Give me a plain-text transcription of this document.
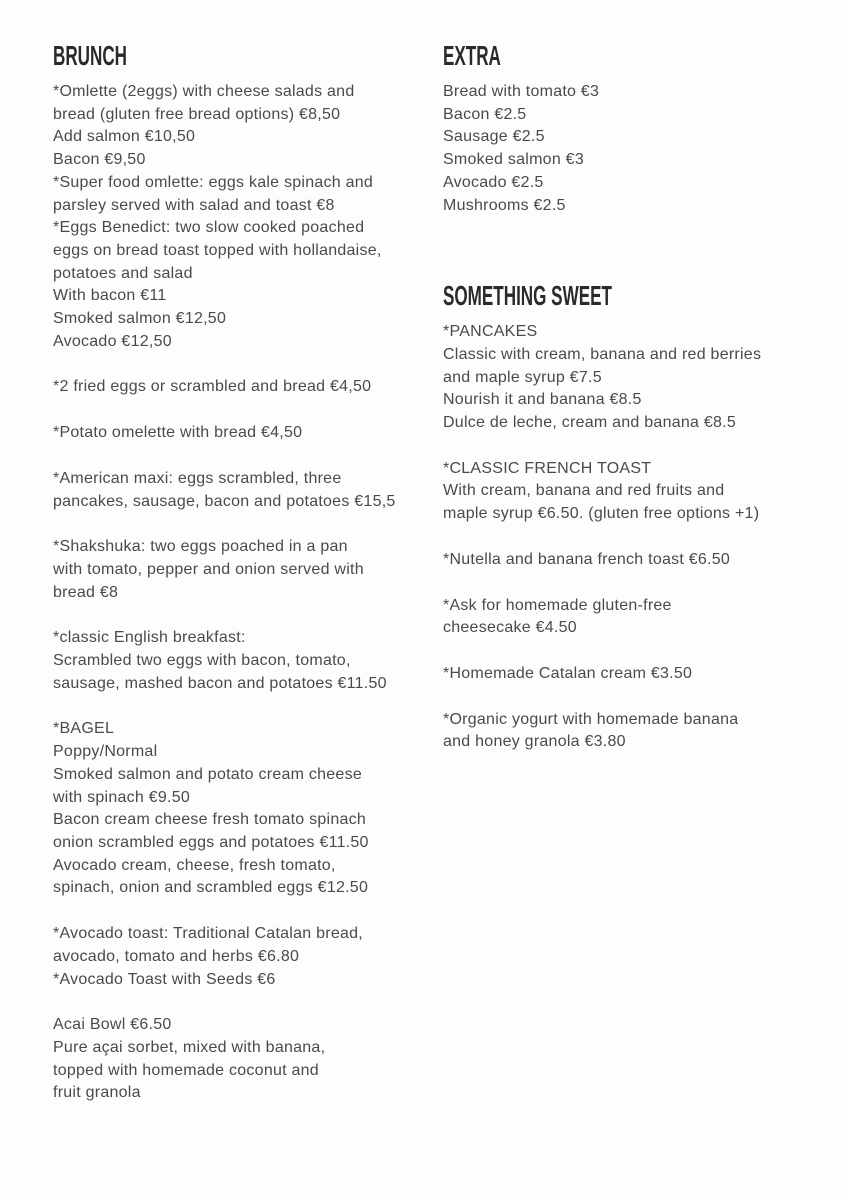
BRUNCH
*Omlette (2eggs) with cheese salads and
bread (gluten free bread options) €8,50
Add salmon €10,50
Bacon €9,50
*Super food omlette: eggs kale spinach and
parsley served with salad and toast €8
*Eggs Benedict: two slow cooked poached
eggs on bread toast topped with hollandaise,
potatoes and salad
With bacon €11
Smoked salmon €12,50
Avocado €12,50
*2 fried eggs or scrambled and bread €4,50
*Potato omelette with bread €4,50
*American maxi: eggs scrambled, three
pancakes, sausage, bacon and potatoes €15,5
*Shakshuka: two eggs poached in a pan
with tomato, pepper and onion served with
bread €8
*classic English breakfast:
Scrambled two eggs with bacon, tomato,
sausage, mashed bacon and potatoes €11.50
*BAGEL
Poppy/Normal
Smoked salmon and potato cream cheese
with spinach €9.50
Bacon cream cheese fresh tomato spinach
onion scrambled eggs and potatoes €11.50
Avocado cream, cheese, fresh tomato,
spinach, onion and scrambled eggs €12.50
*Avocado toast: Traditional Catalan bread,
avocado, tomato and herbs €6.80
*Avocado Toast with Seeds €6
Acai Bowl €6.50
Pure açai sorbet, mixed with banana,
topped with homemade coconut and
fruit granola
EXTRA
Bread with tomato €3
Bacon €2.5
Sausage €2.5
Smoked salmon €3
Avocado €2.5
Mushrooms €2.5
SOMETHING SWEET
*PANCAKES
Classic with cream, banana and red berries
and maple syrup €7.5
Nourish it and banana €8.5
Dulce de leche, cream and banana €8.5
*CLASSIC FRENCH TOAST
With cream, banana and red fruits and
maple syrup €6.50. (gluten free options +1)
*Nutella and banana french toast €6.50
*Ask for homemade gluten-free
cheesecake €4.50
*Homemade Catalan cream €3.50
*Organic yogurt with homemade banana
and honey granola €3.80
